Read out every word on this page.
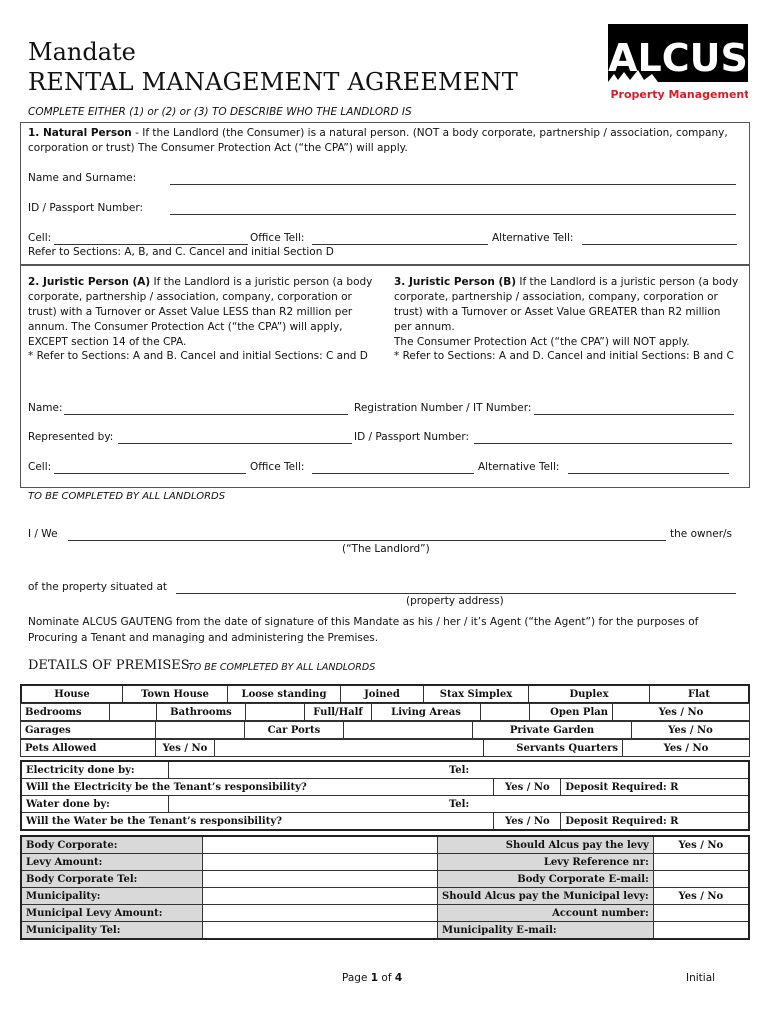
Mandate
RENTAL MANAGEMENT AGREEMENT
ALCUS
Property Management
COMPLETE EITHER (1) or (2) or (3) TO DESCRIBE WHO THE LANDLORD IS
1. Natural Person - If the Landlord (the Consumer) is a natural person. (NOT a body corporate, partnership / association, company,
corporation or trust) The Consumer Protection Act (“the CPA”) will apply.
Name and Surname:
ID / Passport Number:
Cell:	Office Tell:	Alternative Tell:
Refer to Sections: A, B, and C. Cancel and initial Section D
2. Juristic Person (A) If the Landlord is a juristic person (a body
corporate, partnership / association, company, corporation or
trust) with a Turnover or Asset Value LESS than R2 million per
annum. The Consumer Protection Act (“the CPA”) will apply,
EXCEPT section 14 of the CPA.
* Refer to Sections: A and B. Cancel and initial Sections: C and D
3. Juristic Person (B) If the Landlord is a juristic person (a body
corporate, partnership / association, company, corporation or
trust) with a Turnover or Asset Value GREATER than R2 million
per annum.
The Consumer Protection Act (“the CPA”) will NOT apply.
* Refer to Sections: A and D. Cancel and initial Sections: B and C
Name:	Registration Number / IT Number:
Represented by:	ID / Passport Number:
Cell:	Office Tell:	Alternative Tell:
TO BE COMPLETED BY ALL LANDLORDS
I / We	the owner/s
(“The Landlord”)
of the property situated at
(property address)
Nominate ALCUS GAUTENG from the date of signature of this Mandate as his / her / it’s Agent (“the Agent”) for the purposes of
Procuring a Tenant and managing and administering the Premises.
DETAILS OF PREMISES
TO BE COMPLETED BY ALL LANDLORDS
House	Town House	Loose standing	Joined	Stax Simplex	Duplex	Flat
Bedrooms		Bathrooms		Full/Half	Living Areas		Open Plan	Yes / No
Garages		Car Ports		Private Garden	Yes / No
Pets Allowed	Yes / No		Servants Quarters	Yes / No
Electricity done by:	Tel:		
Will the Electricity be the Tenant’s responsibility?		Yes / No	Deposit Required: R
Water done by:	Tel:		
Will the Water be the Tenant’s responsibility?		Yes / No	Deposit Required: R
Body Corporate:		Should Alcus pay the levy	Yes / No
Levy Amount:		Levy Reference nr:	
Body Corporate Tel:		Body Corporate E-mail:	
Municipality:		Should Alcus pay the Municipal levy:	Yes / No
Municipal Levy Amount:		Account number:	
Municipality Tel:		Municipality E-mail:	
Page 1 of 4	Initial
